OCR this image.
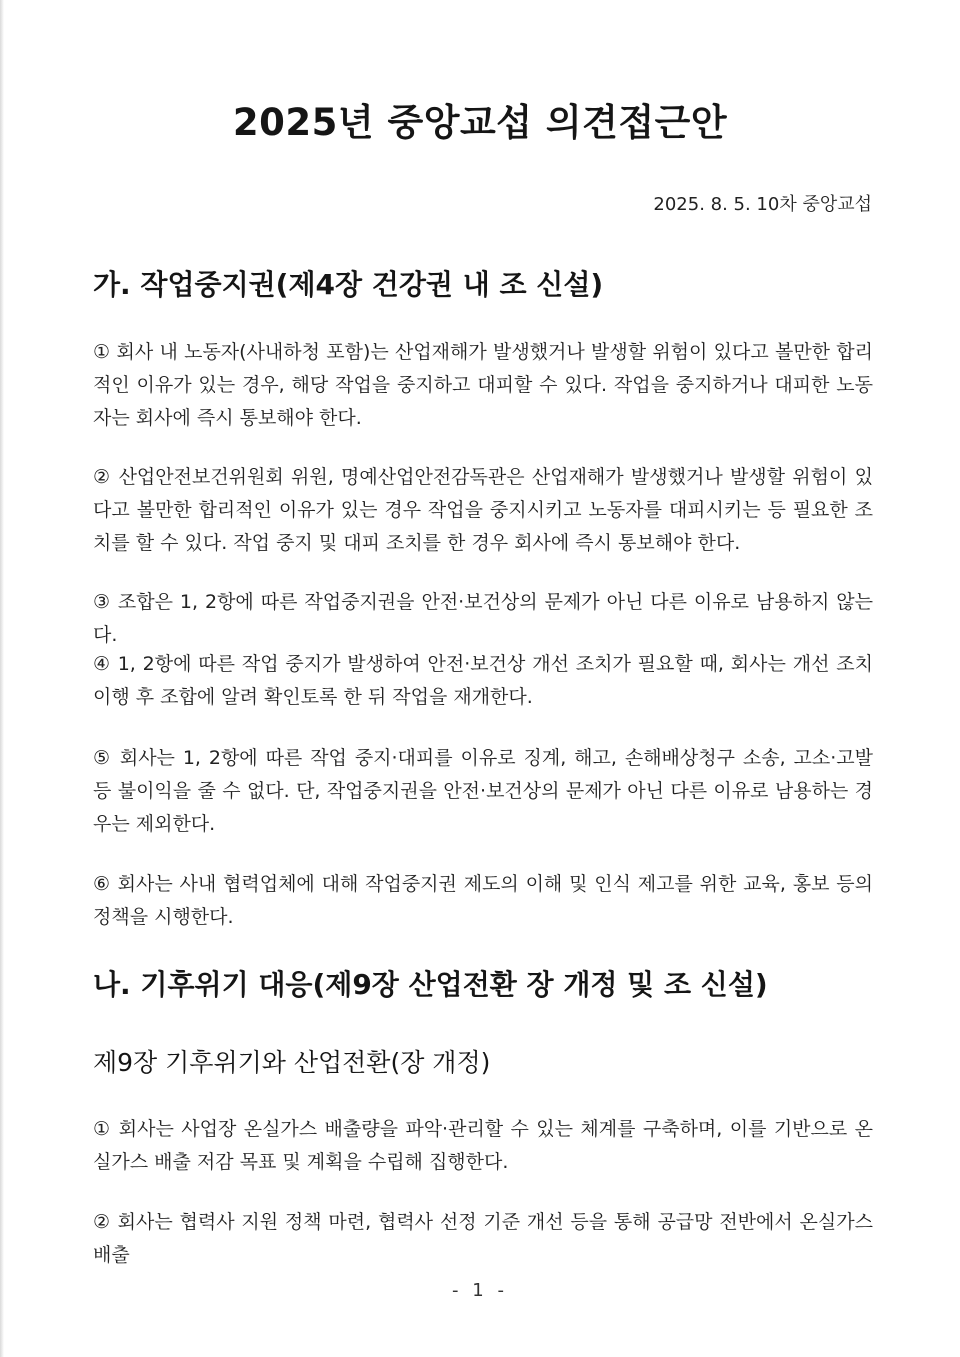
2025년 중앙교섭 의견접근안
2025. 8. 5. 10차 중앙교섭
가. 작업중지권(제4장 건강권 내 조 신설)
① 회사 내 노동자(사내하청 포함)는 산업재해가 발생했거나 발생할 위험이 있다고 볼만한 합리적인 이유가 있는 경우, 해당 작업을 중지하고 대피할 수 있다. 작업을 중지하거나 대피한 노동자는 회사에 즉시 통보해야 한다.
② 산업안전보건위원회 위원, 명예산업안전감독관은 산업재해가 발생했거나 발생할 위험이 있다고 볼만한 합리적인 이유가 있는 경우 작업을 중지시키고 노동자를 대피시키는 등 필요한 조치를 할 수 있다. 작업 중지 및 대피 조치를 한 경우 회사에 즉시 통보해야 한다.
③ 조합은 1, 2항에 따른 작업중지권을 안전·보건상의 문제가 아닌 다른 이유로 남용하지 않는다.
④ 1, 2항에 따른 작업 중지가 발생하여 안전·보건상 개선 조치가 필요할 때, 회사는 개선 조치 이행 후 조합에 알려 확인토록 한 뒤 작업을 재개한다.
⑤ 회사는 1, 2항에 따른 작업 중지·대피를 이유로 징계, 해고, 손해배상청구 소송, 고소·고발 등 불이익을 줄 수 없다. 단, 작업중지권을 안전·보건상의 문제가 아닌 다른 이유로 남용하는 경우는 제외한다.
⑥ 회사는 사내 협력업체에 대해 작업중지권 제도의 이해 및 인식 제고를 위한 교육, 홍보 등의 정책을 시행한다.
나. 기후위기 대응(제9장 산업전환 장 개정 및 조 신설)
제9장 기후위기와 산업전환(장 개정)
① 회사는 사업장 온실가스 배출량을 파악·관리할 수 있는 체계를 구축하며, 이를 기반으로 온실가스 배출 저감 목표 및 계획을 수립해 집행한다.
② 회사는 협력사 지원 정책 마련, 협력사 선정 기준 개선 등을 통해 공급망 전반에서 온실가스 배출
- 1 -
